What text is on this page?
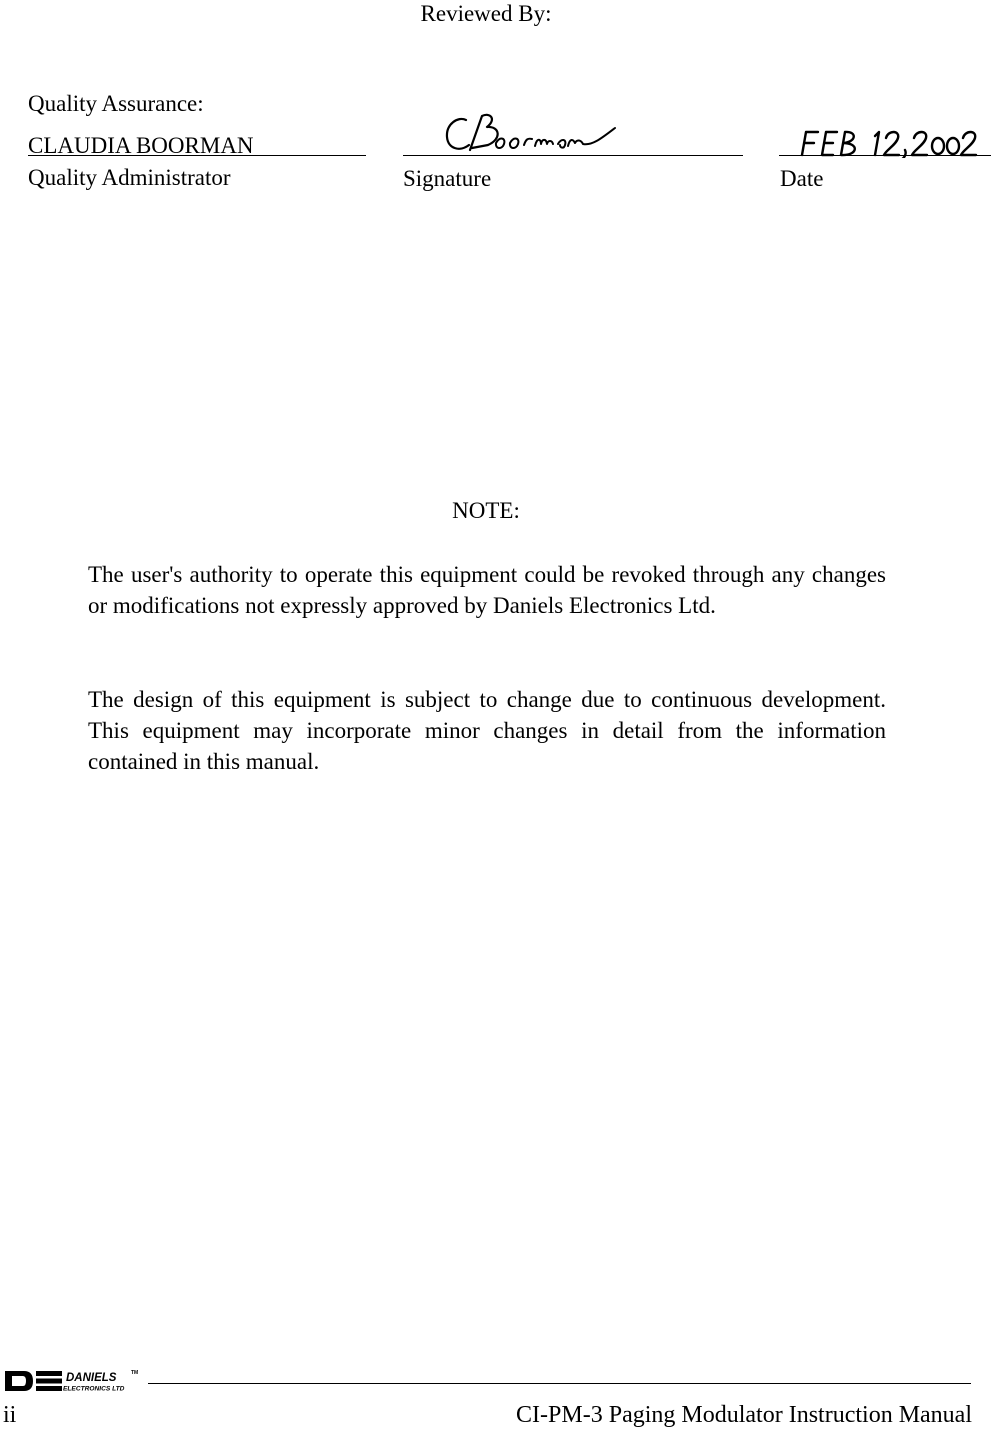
Reviewed By:
Quality Assurance:
CLAUDIA BOORMAN
Quality Administrator	Signature	Date
NOTE:
The user's authority to operate this equipment could be revoked through any changes or modifications not expressly approved by Daniels Electronics Ltd.
The design of this equipment is subject to change due to continuous development. This equipment may incorporate minor changes in detail from the information contained in this manual.
DANIELS	TM
ELECTRONICS LTD
ii	CI-PM-3 Paging Modulator Instruction Manual
